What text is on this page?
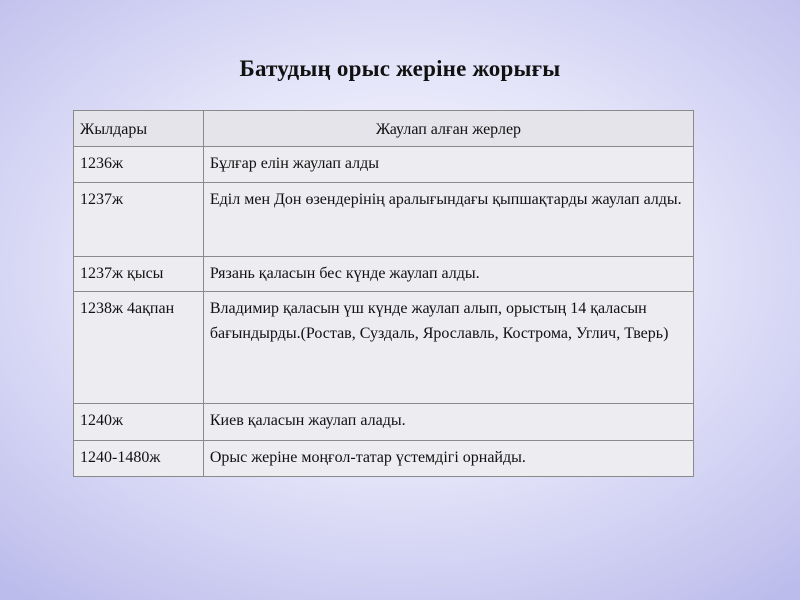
Батудың орыс жеріне жорығы
Жылдары	Жаулап алған жерлер
1236ж	Бұлғар елін жаулап алды
1237ж	Еділ мен Дон өзендерінің аралығындағы қыпшақтарды жаулап алды.
1237ж қысы	Рязань қаласын бес күнде жаулап алды.
1238ж 4ақпан	Владимир қаласын үш күнде жаулап алып, орыстың 14 қаласын бағындырды.(Ростав, Суздаль, Ярославль, Кострома, Углич, Тверь)
1240ж	Киев қаласын жаулап алады.
1240-1480ж	Орыс жеріне моңғол-татар үстемдігі орнайды.
